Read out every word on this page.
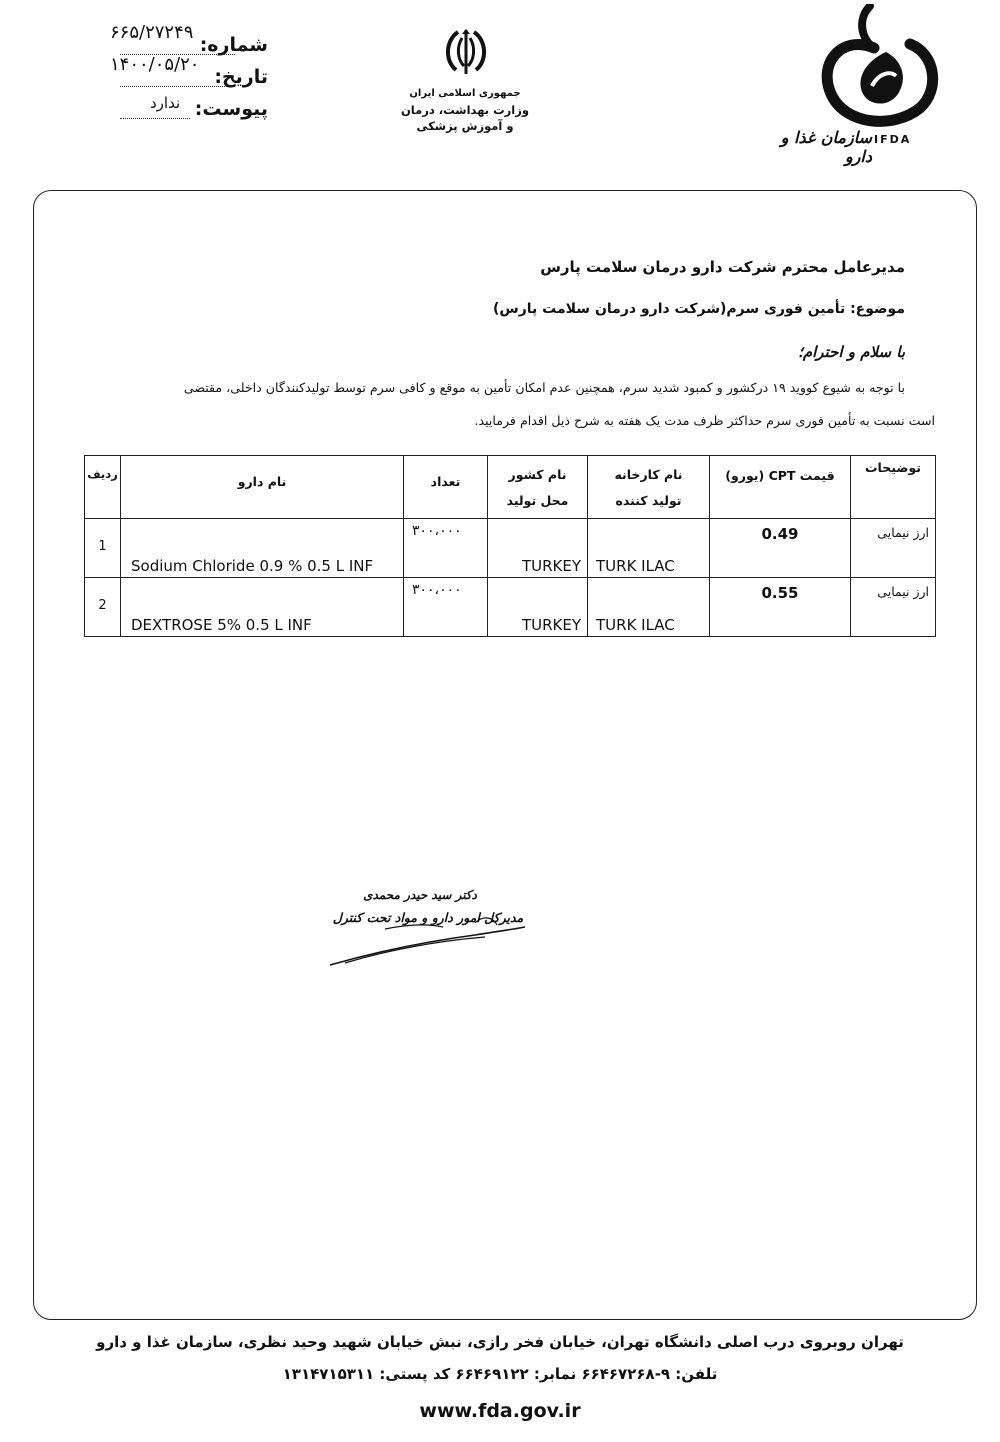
۶۶۵/۲۷۲۴۹
شماره:
۱۴۰۰/۰۵/۲۰
تاریخ:
ندارد پیوست:
جمهوری اسلامی ایران
وزارت بهداشت، درمان
و آموزش پزشکی
سازمان غذا و دارو
IFDA
مدیرعامل محترم شرکت دارو درمان سلامت پارس
موضوع: تأمین فوری سرم(شرکت دارو درمان سلامت پارس)
با سلام و احترام؛
با توجه به شیوع کووید ۱۹ درکشور و کمبود شدید سرم، همچنین عدم امکان تأمین به موقع و کافی سرم توسط تولیدکنندگان داخلی، مقتضی
است نسبت به تأمین فوری سرم حداکثر ظرف مدت یک هفته به شرح ذیل اقدام فرمایید.
ردیف	نام دارو	تعداد	نام کشور محل تولید	نام کارخانه تولید کننده	قیمت CPT (یورو)	توضیحات

1	Sodium Chloride 0.9 % 0.5 L INF	۳۰۰،۰۰۰	TURKEY	TURK ILAC	0.49	ارز نیمایی

2	DEXTROSE 5% 0.5 L INF	۳۰۰،۰۰۰	TURKEY	TURK ILAC	0.55	ارز نیمایی
دکتر سید حیدر محمدی
مدیرکل امور دارو و مواد تحت کنترل
تهران روبروی درب اصلی دانشگاه تهران، خیابان فخر رازی، نبش خیابان شهید وحید نظری، سازمان غذا و دارو
تلفن: ۹-۶۶۴۶۷۲۶۸ نمابر: ۶۶۴۶۹۱۲۲ کد پستی: ۱۳۱۴۷۱۵۳۱۱
www.fda.gov.ir
